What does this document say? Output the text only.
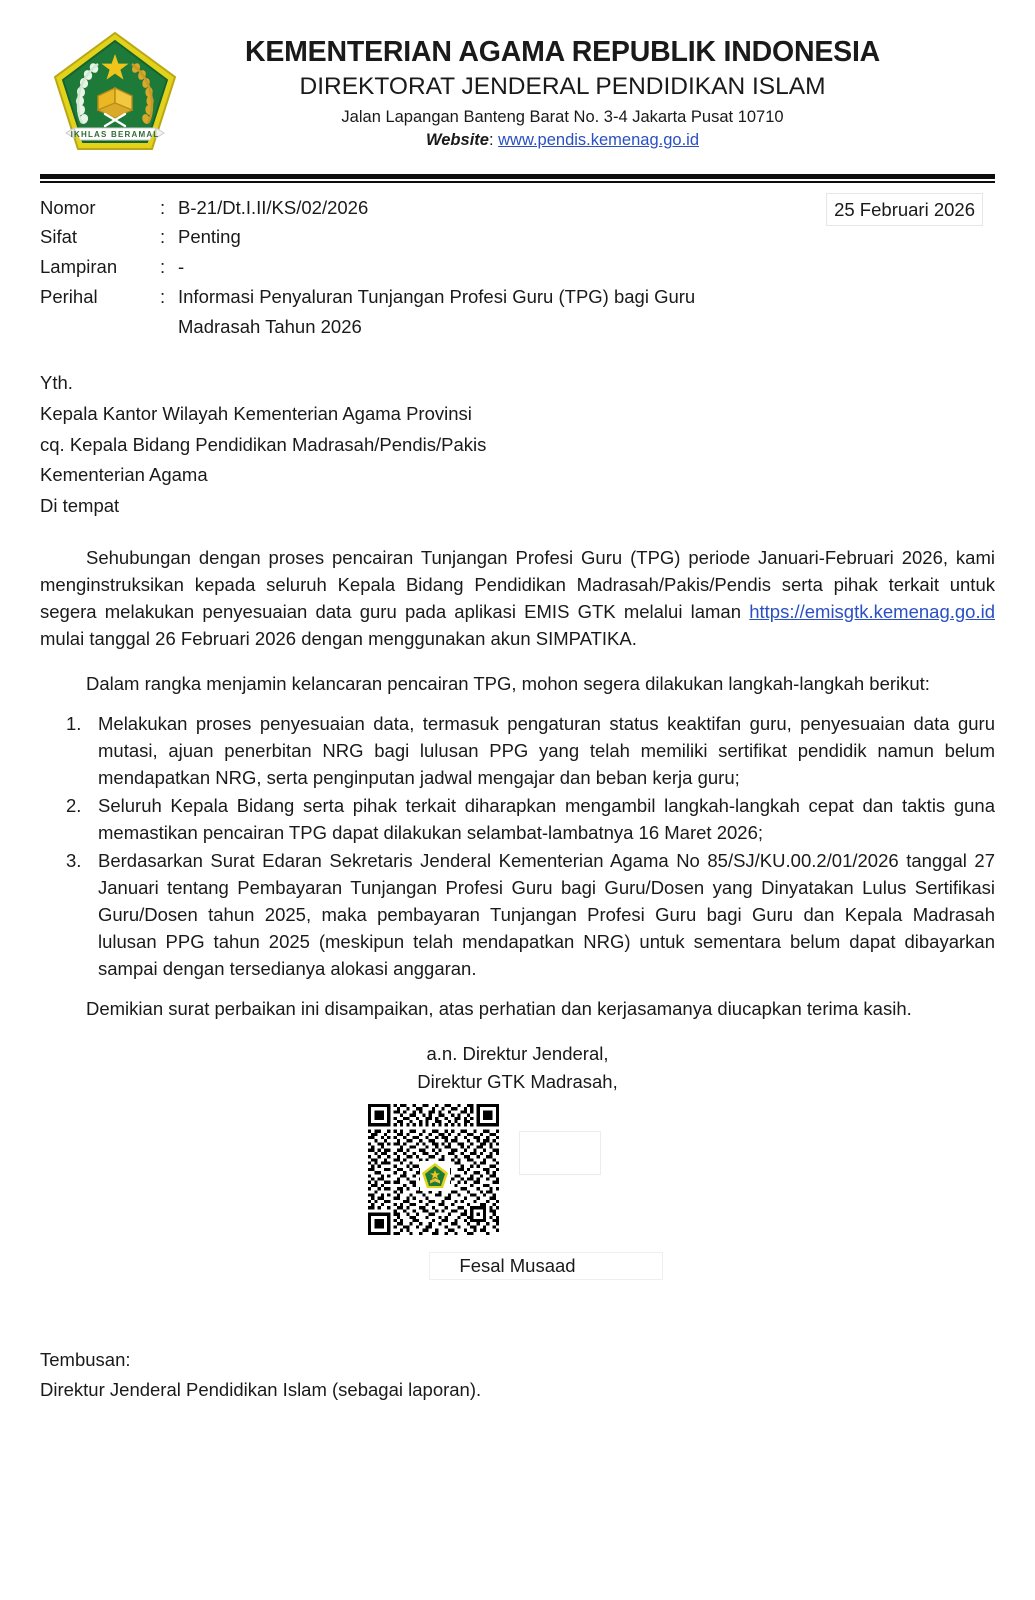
IKHLAS BERAMAL
KEMENTERIAN AGAMA REPUBLIK INDONESIA
DIREKTORAT JENDERAL PENDIDIKAN ISLAM
Jalan Lapangan Banteng Barat No. 3-4 Jakarta Pusat 10710
Website: www.pendis.kemenag.go.id
25 Februari 2026
Nomor	: B-21/Dt.I.II/KS/02/2026
Sifat	: Penting
Lampiran	: -
Perihal	: Informasi Penyaluran Tunjangan Profesi Guru (TPG) bagi Guru Madrasah Tahun 2026
Yth.
Kepala Kantor Wilayah Kementerian Agama Provinsi
cq. Kepala Bidang Pendidikan Madrasah/Pendis/Pakis
Kementerian Agama
Di tempat

Sehubungan dengan proses pencairan Tunjangan Profesi Guru (TPG) periode Januari-Februari 2026, kami menginstruksikan kepada seluruh Kepala Bidang Pendidikan Madrasah/Pakis/Pendis serta pihak terkait untuk segera melakukan penyesuaian data guru pada aplikasi EMIS GTK melalui laman https://emisgtk.kemenag.go.id mulai tanggal 26 Februari 2026 dengan menggunakan akun SIMPATIKA.

Dalam rangka menjamin kelancaran pencairan TPG, mohon segera dilakukan langkah-langkah berikut:

Melakukan proses penyesuaian data, termasuk pengaturan status keaktifan guru, penyesuaian data guru mutasi, ajuan penerbitan NRG bagi lulusan PPG yang telah memiliki sertifikat pendidik namun belum mendapatkan NRG, serta penginputan jadwal mengajar dan beban kerja guru;
Seluruh Kepala Bidang serta pihak terkait diharapkan mengambil langkah-langkah cepat dan taktis guna memastikan pencairan TPG dapat dilakukan selambat-lambatnya 16 Maret 2026;
Berdasarkan Surat Edaran Sekretaris Jenderal Kementerian Agama No 85/SJ/KU.00.2/01/2026 tanggal 27 Januari tentang Pembayaran Tunjangan Profesi Guru bagi Guru/Dosen yang Dinyatakan Lulus Sertifikasi Guru/Dosen tahun 2025, maka pembayaran Tunjangan Profesi Guru bagi Guru dan Kepala Madrasah lulusan PPG tahun 2025 (meskipun telah mendapatkan NRG) untuk sementara belum dapat dibayarkan sampai dengan tersedianya alokasi anggaran.

Demikian surat perbaikan ini disampaikan, atas perhatian dan kerjasamanya diucapkan terima kasih.

a.n. Direktur Jenderal,
Direktur GTK Madrasah,
Fesal Musaad
Tembusan:
Direktur Jenderal Pendidikan Islam (sebagai laporan).
